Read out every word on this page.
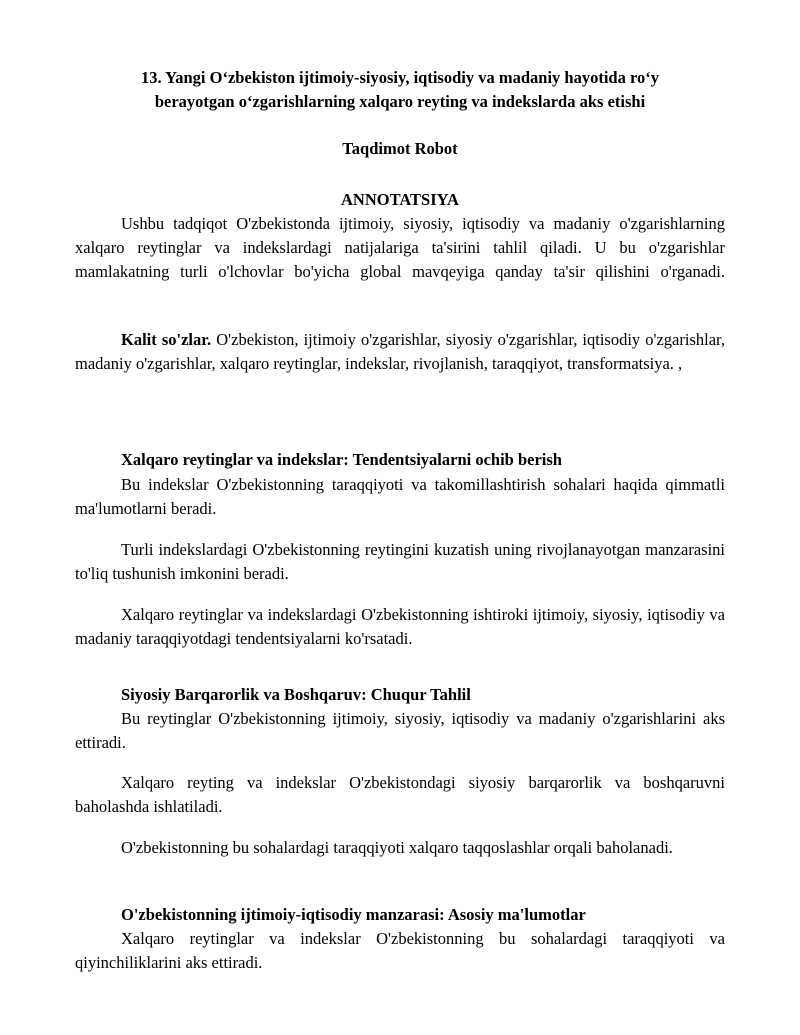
13. Yangi O‘zbekiston ijtimoiy-siyosiy, iqtisodiy va madaniy hayotida ro‘y
berayotgan o‘zgarishlarning xalqaro reyting va indekslarda aks etishi
Taqdimot Robot
ANNOTATSIYA

Ushbu tadqiqot O'zbekistonda ijtimoiy, siyosiy, iqtisodiy va madaniy o'zgarishlarning xalqaro reytinglar va indekslardagi natijalariga ta'sirini tahlil qiladi. U bu o'zgarishlar mamlakatning turli o'lchovlar bo'yicha global mavqeyiga qanday ta'sir qilishini o'rganadi.

Kalit so'zlar. O'zbekiston, ijtimoiy o'zgarishlar, siyosiy o'zgarishlar, iqtisodiy o'zgarishlar, madaniy o'zgarishlar, xalqaro reytinglar, indekslar, rivojlanish, taraqqiyot, transformatsiya. ,

Xalqaro reytinglar va indekslar: Tendentsiyalarni ochib berish

Bu indekslar O'zbekistonning taraqqiyoti va takomillashtirish sohalari haqida qimmatli ma'lumotlarni beradi.

Turli indekslardagi O'zbekistonning reytingini kuzatish uning rivojlanayotgan manzarasini to'liq tushunish imkonini beradi.

Xalqaro reytinglar va indekslardagi O'zbekistonning ishtiroki ijtimoiy, siyosiy, iqtisodiy va madaniy taraqqiyotdagi tendentsiyalarni ko'rsatadi.

Siyosiy Barqarorlik va Boshqaruv: Chuqur Tahlil

Bu reytinglar O'zbekistonning ijtimoiy, siyosiy, iqtisodiy va madaniy o'zgarishlarini aks ettiradi.

Xalqaro reyting va indekslar O'zbekistondagi siyosiy barqarorlik va boshqaruvni baholashda ishlatiladi.

O'zbekistonning bu sohalardagi taraqqiyoti xalqaro taqqoslashlar orqali baholanadi.

O'zbekistonning ijtimoiy-iqtisodiy manzarasi: Asosiy ma'lumotlar

Xalqaro reytinglar va indekslar O'zbekistonning bu sohalardagi taraqqiyoti va qiyinchiliklarini aks ettiradi.
